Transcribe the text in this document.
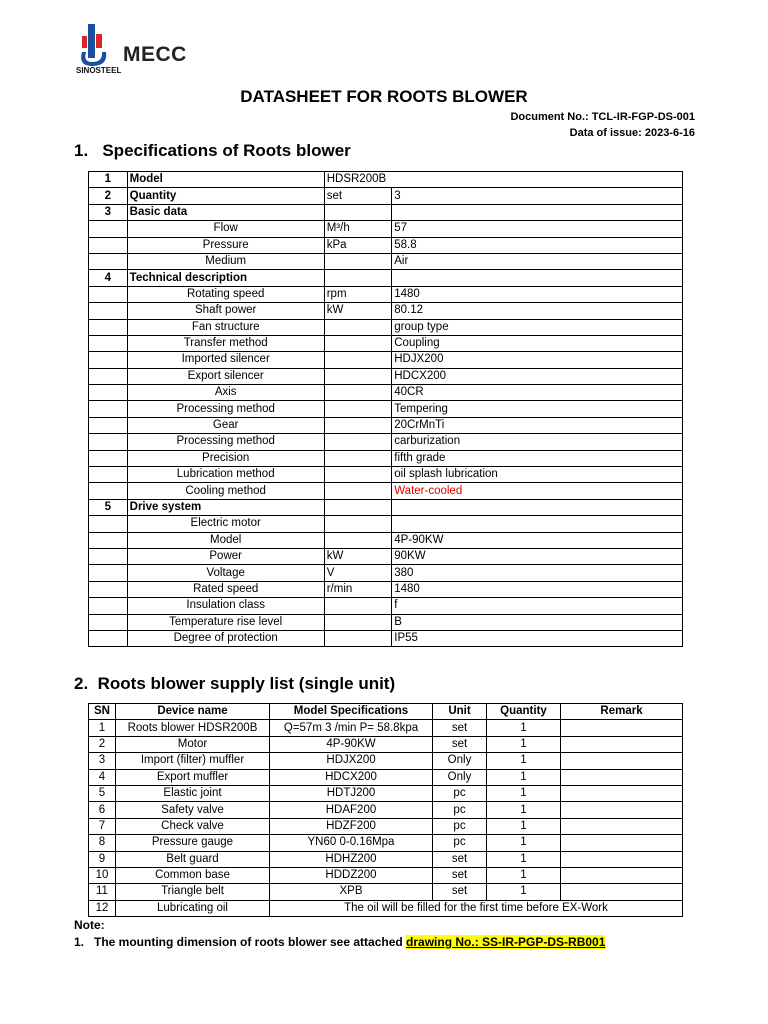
MECC
SINOSTEEL
DATASHEET FOR ROOTS BLOWER
Document No.: TCL-IR-FGP-DS-001
Data of issue: 2023-6-16
1.   Specifications of Roots blower
1	Model	HDSR200B	
2	Quantity	set	3
3	Basic data		
	Flow	M³/h	57
	Pressure	kPa	58.8
	Medium		Air
4	Technical description		
	Rotating speed	rpm	1480
	Shaft power	kW	80.12
	Fan structure		group type
	Transfer method		Coupling
	Imported silencer		HDJX200
	Export silencer		HDCX200
	Axis		40CR
	Processing method		Tempering
	Gear		20CrMnTi
	Processing method		carburization
	Precision		fifth grade
	Lubrication method		oil splash lubrication
	Cooling method		Water-cooled
5	Drive system		
	Electric motor		
	Model		4P-90KW
	Power	kW	90KW
	Voltage	V	380
	Rated speed	r/min	1480
	Insulation class		f
	Temperature rise level		B
	Degree of protection		IP55
2.  Roots blower supply list (single unit)
SN	Device name	Model Specifications	Unit	Quantity	Remark
1	Roots blower HDSR200B	Q=57m 3 /min P= 58.8kpa	set	1	
2	Motor	4P-90KW	set	1	
3	Import (filter) muffler	HDJX200	Only	1	
4	Export muffler	HDCX200	Only	1	
5	Elastic joint	HDTJ200	pc	1	
6	Safety valve	HDAF200	pc	1	
7	Check valve	HDZF200	pc	1	
8	Pressure gauge	YN60 0-0.16Mpa	pc	1	
9	Belt guard	HDHZ200	set	1	
10	Common base	HDDZ200	set	1	
11	Triangle belt	XPB	set	1	
12	Lubricating oil	The oil will be filled for the first time before EX-Work			
Note:
1.   The mounting dimension of roots blower see attached drawing No.: SS-IR-PGP-DS-RB001
